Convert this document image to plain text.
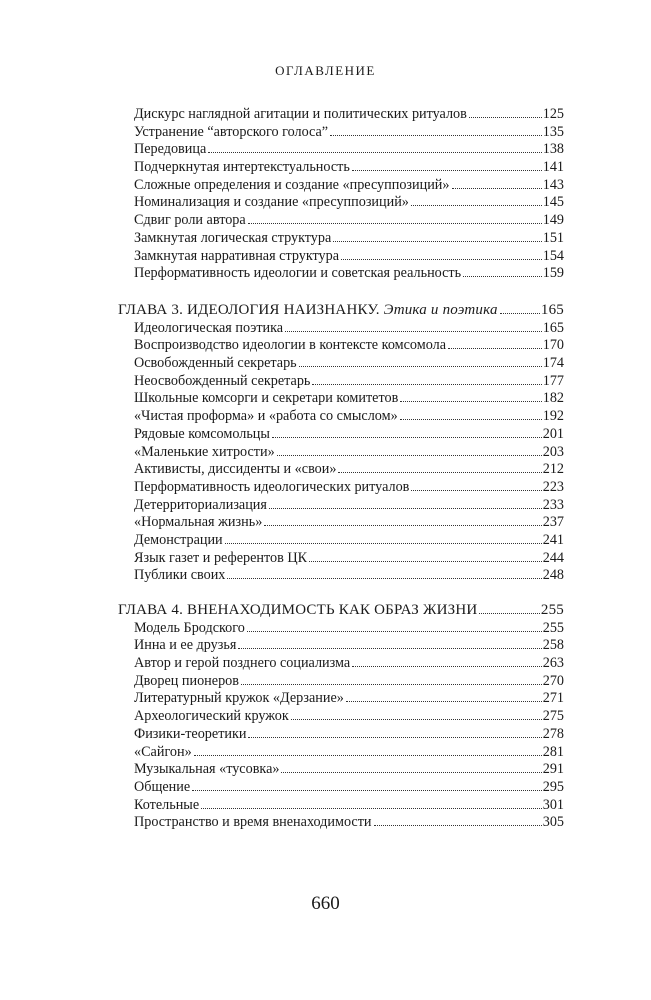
ОГЛАВЛЕНИЕ
Дискурс наглядной агитации и политических ритуалов	125
Устранение “авторского голоса”	135
Передовица	138
Подчеркнутая интертекстуальность	141
Сложные определения и создание «пресуппозиций»	143
Номинализация и создание «пресуппозиций»	145
Сдвиг роли автора	149
Замкнутая логическая структура	151
Замкнутая нарративная структура	154
Перформативность идеологии и советская реальность	159
ГЛАВА 3. ИДЕОЛОГИЯ НАИЗНАНКУ. Этика и поэтика	165
Идеологическая поэтика	165
Воспроизводство идеологии в контексте комсомола	170
Освобожденный секретарь	174
Неосвобожденный секретарь	177
Школьные комсорги и секретари комитетов	182
«Чистая проформа» и «работа со смыслом»	192
Рядовые комсомольцы	201
«Маленькие хитрости»	203
Активисты, диссиденты и «свои»	212
Перформативность идеологических ритуалов	223
Детерриториализация	233
«Нормальная жизнь»	237
Демонстрации	241
Язык газет и референтов ЦК	244
Публики своих	248
ГЛАВА 4. ВНЕНАХОДИМОСТЬ КАК ОБРАЗ ЖИЗНИ	255
Модель Бродского	255
Инна и ее друзья	258
Автор и герой позднего социализма	263
Дворец пионеров	270
Литературный кружок «Дерзание»	271
Археологический кружок	275
Физики-теоретики	278
«Сайгон»	281
Музыкальная «тусовка»	291
Общение	295
Котельные	301
Пространство и время вненаходимости	305
660
